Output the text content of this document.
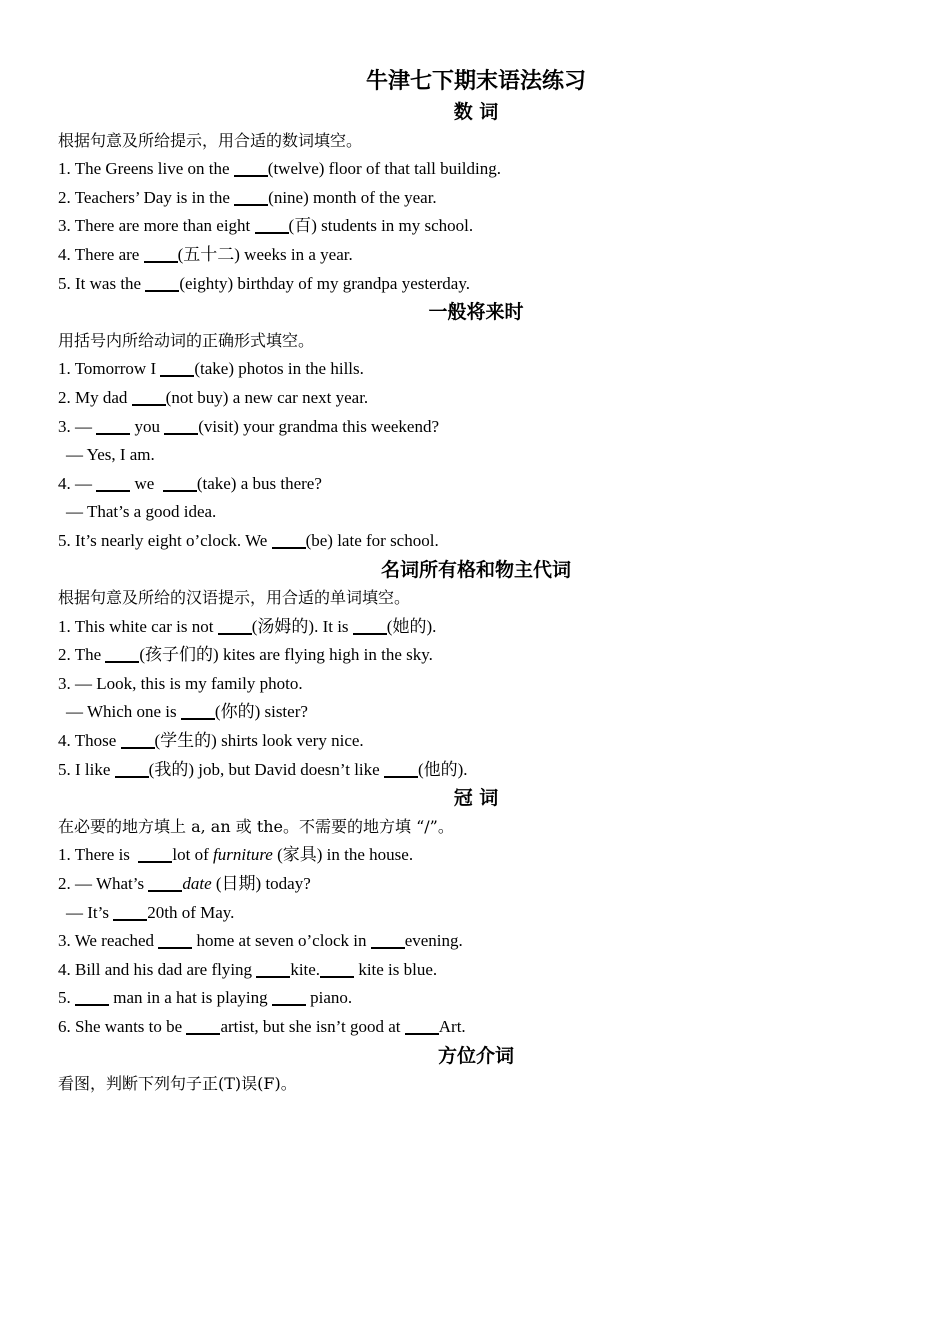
牛津七下期末语法练习
数 词
根据句意及所给提示，用合适的数词填空。
1. The Greens live on the (twelve) floor of that tall building.
2. Teachers’ Day is in the (nine) month of the year.
3. There are more than eight (百) students in my school.
4. There are (五十二) weeks in a year.
5. It was the (eighty) birthday of my grandpa yesterday.
一般将来时
用括号内所给动词的正确形式填空。
1. Tomorrow I (take) photos in the hills.
2. My dad (not buy) a new car next year.
3. —  you (visit) your grandma this weekend?
— Yes, I am.
4. —  we  (take) a bus there?
— That’s a good idea.
5. It’s nearly eight o’clock. We (be) late for school.
名词所有格和物主代词
根据句意及所给的汉语提示，用合适的单词填空。
1. This white car is not (汤姆的). It is (她的).
2. The (孩子们的) kites are flying high in the sky.
3. — Look, this is my family photo.
— Which one is (你的) sister?
4. Those (学生的) shirts look very nice.
5. I like (我的) job, but David doesn’t like (他的).
冠 词
在必要的地方填上 a, an 或 the。不需要的地方填 “/”。
1. There is  lot of furniture (家具) in the house.
2. — What’s date (日期) today?
— It’s 20th of May.
3. We reached  home at seven o’clock in evening.
4. Bill and his dad are flying kite. kite is blue.
5.  man in a hat is playing  piano.
6. She wants to be artist, but she isn’t good at Art.
方位介词
看图，判断下列句子正(T)误(F)。
